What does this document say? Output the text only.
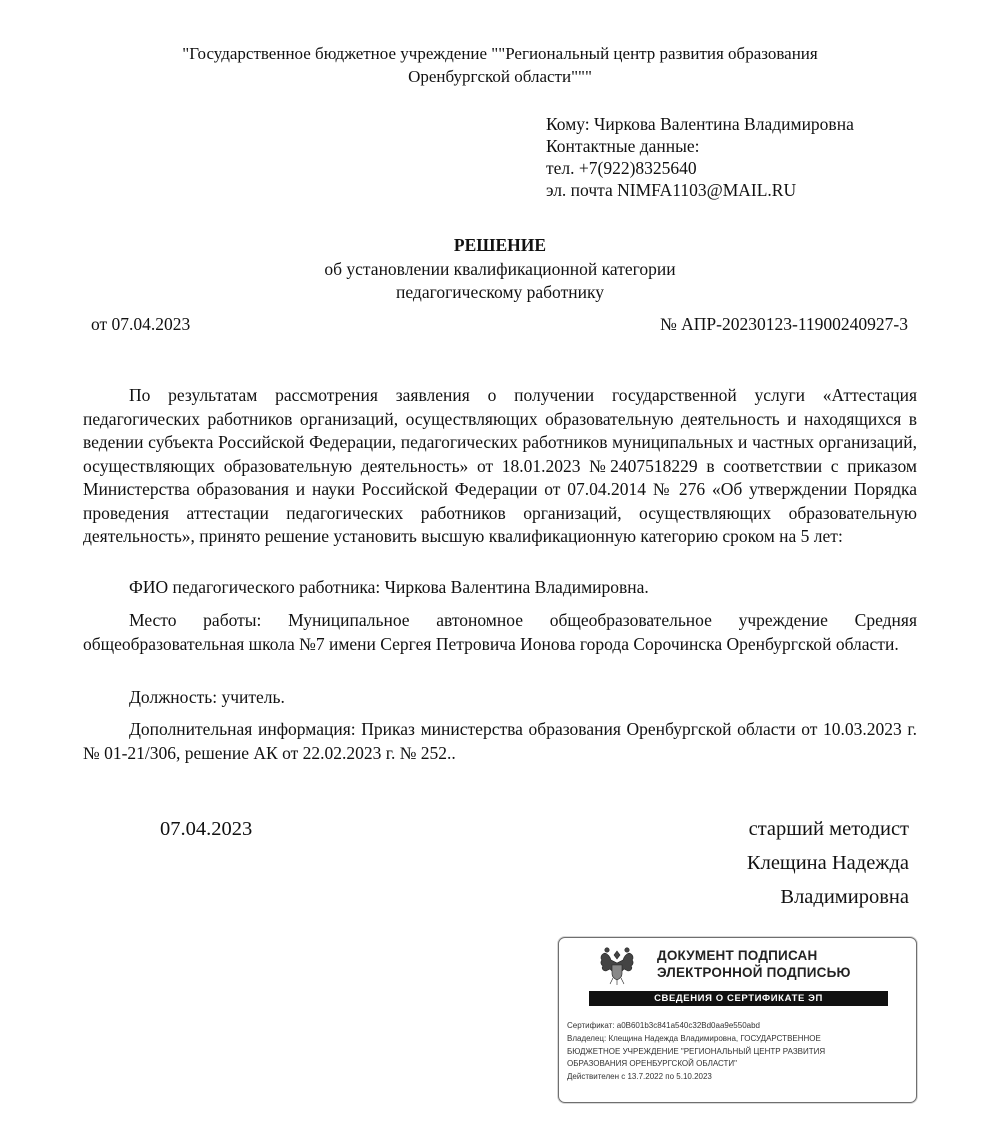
"Государственное бюджетное учреждение ""Региональный центр развития образования
Оренбургской области"""
Кому: Чиркова Валентина Владимировна
Контактные данные:
тел. +7(922)8325640
эл. почта NIMFA1103@MAIL.RU
РЕШЕНИЕ
об установлении квалификационной категории
педагогическому работнику
от 07.04.2023	№ АПР-20230123-11900240927-3
По результатам рассмотрения заявления о получении государственной услуги «Аттестация педагогических работников организаций, осуществляющих образовательную деятельность и находящихся в ведении субъекта Российской Федерации, педагогических работников муниципальных и частных организаций, осуществляющих образовательную деятельность» от 18.01.2023 №2407518229 в соответствии с приказом Министерства образования и науки Российской Федерации от 07.04.2014 № 276 «Об утверждении Порядка проведения аттестации педагогических работников организаций, осуществляющих образовательную деятельность», принято решение установить высшую квалификационную категорию сроком на 5 лет:
ФИО педагогического работника: Чиркова Валентина Владимировна.
Место работы: Муниципальное автономное общеобразовательное учреждение Средняя общеобразовательная школа №7 имени Сергея Петровича Ионова города Сорочинска Оренбургской области.
Должность: учитель.
Дополнительная информация: Приказ министерства образования Оренбургской области от 10.03.2023 г. № 01-21/306, решение АК от 22.02.2023 г. № 252..
07.04.2023	старший методист
Клещина Надежда
Владимировна
ДОКУМЕНТ ПОДПИСАН
ЭЛЕКТРОННОЙ ПОДПИСЬЮ
СВЕДЕНИЯ О СЕРТИФИКАТЕ ЭП
Сертификат: a0B601b3c841a540c32Bd0aa9e550abd
Владелец: Клещина Надежда Владимировна, ГОСУДАРСТВЕННОЕ
БЮДЖЕТНОЕ УЧРЕЖДЕНИЕ "РЕГИОНАЛЬНЫЙ ЦЕНТР РАЗВИТИЯ
ОБРАЗОВАНИЯ ОРЕНБУРГСКОЙ ОБЛАСТИ"
Действителен с 13.7.2022 по 5.10.2023
